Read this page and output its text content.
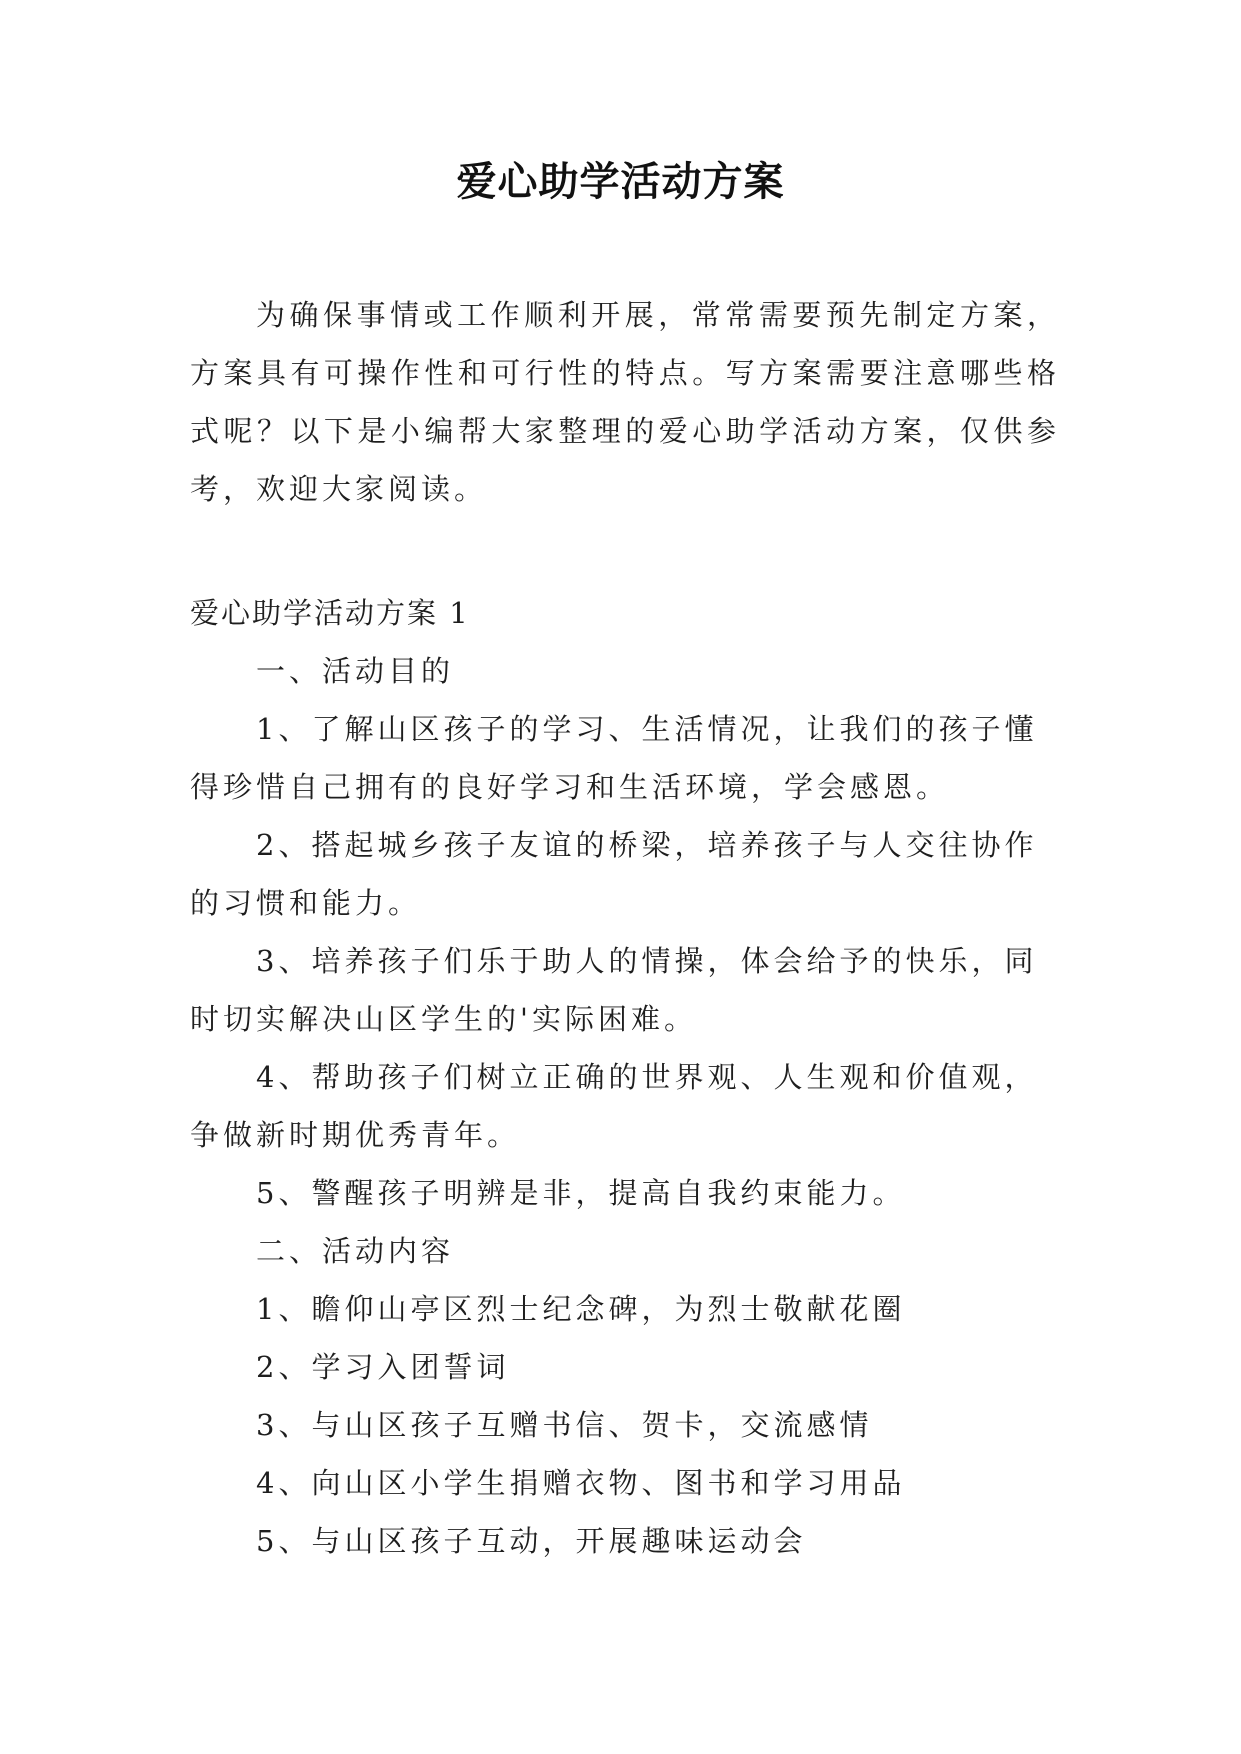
爱心助学活动方案
为确保事情或工作顺利开展，常常需要预先制定方案，方案具有可操作性和可行性的特点。写方案需要注意哪些格式呢？以下是小编帮大家整理的爱心助学活动方案，仅供参考，欢迎大家阅读。
爱心助学活动方案 1
一、活动目的
1、了解山区孩子的学习、生活情况，让我们的孩子懂得珍惜自己拥有的良好学习和生活环境，学会感恩。
2、搭起城乡孩子友谊的桥梁，培养孩子与人交往协作的习惯和能力。
3、培养孩子们乐于助人的情操，体会给予的快乐，同时切实解决山区学生的'实际困难。
4、帮助孩子们树立正确的世界观、人生观和价值观，争做新时期优秀青年。
5、警醒孩子明辨是非，提高自我约束能力。
二、活动内容
1、瞻仰山亭区烈士纪念碑，为烈士敬献花圈
2、学习入团誓词
3、与山区孩子互赠书信、贺卡，交流感情
4、向山区小学生捐赠衣物、图书和学习用品
5、与山区孩子互动，开展趣味运动会
